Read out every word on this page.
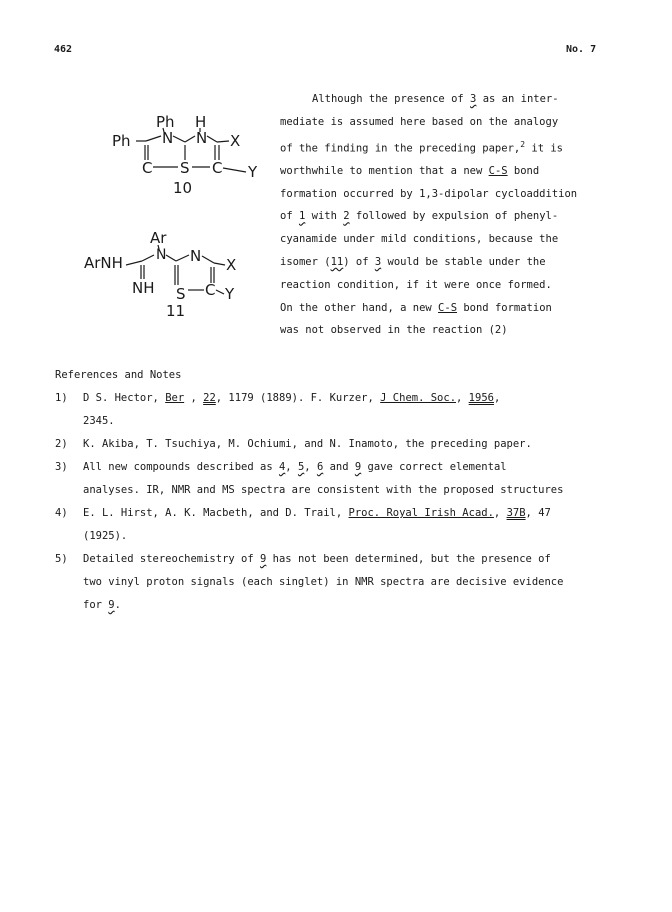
462	No. 7
Ph H
Ph N N X
C S C Y
10
Ar
ArNH N N X
NH S C Y
11
Although the presence of 3 as an inter-
mediate is assumed here based on the analogy
of the finding in the preceding paper,$^2$ it is
worthwhile to mention that a new C-S bond
formation occurred by 1,3-dipolar cycloaddition
of 1 with 2 followed by expulsion of phenyl-
cyanamide under mild conditions, because the
isomer (11) of 3 would be stable under the
reaction condition, if it were once formed.
On the other hand, a new C-S bond formation
was not observed in the reaction (2)
References and Notes
1) D S. Hector, Ber , 22, 1179 (1889). F. Kurzer, J Chem. Soc., 1956,
2345.
2) K. Akiba, T. Tsuchiya, M. Ochiumi, and N. Inamoto, the preceding paper.
3) All new compounds described as 4, 5, 6 and 9 gave correct elemental
analyses. IR, NMR and MS spectra are consistent with the proposed structures
4) E. L. Hirst, A. K. Macbeth, and D. Trail, Proc. Royal Irish Acad., 37B, 47
(1925).
5) Detailed stereochemistry of 9 has not been determined, but the presence of
two vinyl proton signals (each singlet) in NMR spectra are decisive evidence
for 9.
